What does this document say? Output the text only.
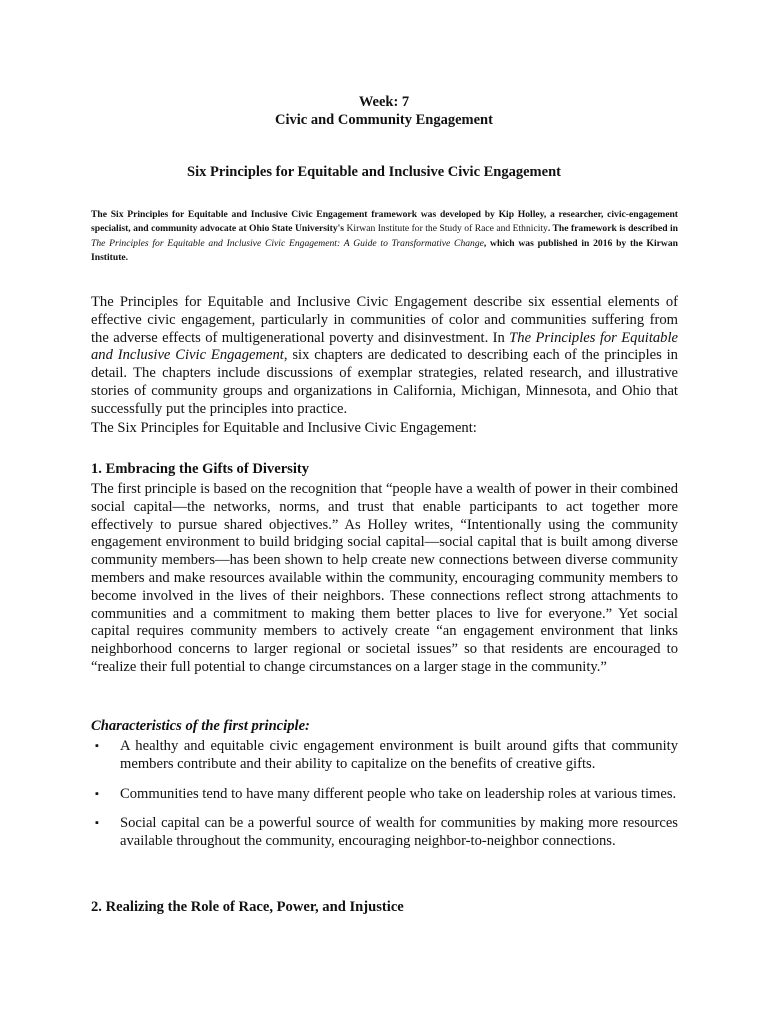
Week: 7
Civic and Community Engagement
Six Principles for Equitable and Inclusive Civic Engagement
The Six Principles for Equitable and Inclusive Civic Engagement framework was developed by Kip Holley, a researcher, civic-engagement specialist, and community advocate at Ohio State University's Kirwan Institute for the Study of Race and Ethnicity. The framework is described in The Principles for Equitable and Inclusive Civic Engagement: A Guide to Transformative Change, which was published in 2016 by the Kirwan Institute.

The Principles for Equitable and Inclusive Civic Engagement describe six essential elements of effective civic engagement, particularly in communities of color and communities suffering from the adverse effects of multigenerational poverty and disinvestment. In The Principles for Equitable and Inclusive Civic Engagement, six chapters are dedicated to describing each of the principles in detail. The chapters include discussions of exemplar strategies, related research, and illustrative stories of community groups and organizations in California, Michigan, Minnesota, and Ohio that successfully put the principles into practice.

The Six Principles for Equitable and Inclusive Civic Engagement:

1. Embracing the Gifts of Diversity

The first principle is based on the recognition that “people have a wealth of power in their combined social capital—the networks, norms, and trust that enable participants to act together more effectively to pursue shared objectives.” As Holley writes, “Intentionally using the community engagement environment to build bridging social capital—social capital that is built among diverse community members—has been shown to help create new connections between diverse community members and make resources available within the community, encouraging community members to become involved in the lives of their neighbors. These connections reflect strong attachments to communities and a commitment to making them better places to live for everyone.” Yet social capital requires community members to actively create “an engagement environment that links neighborhood concerns to larger regional or societal issues” so that residents are encouraged to “realize their full potential to change circumstances on a larger stage in the community.”

Characteristics of the first principle:

▪ A healthy and equitable civic engagement environment is built around gifts that community members contribute and their ability to capitalize on the benefits of creative gifts.
▪ Communities tend to have many different people who take on leadership roles at various times.
▪ Social capital can be a powerful source of wealth for communities by making more resources available throughout the community, encouraging neighbor-to-neighbor connections.

2. Realizing the Role of Race, Power, and Injustice
